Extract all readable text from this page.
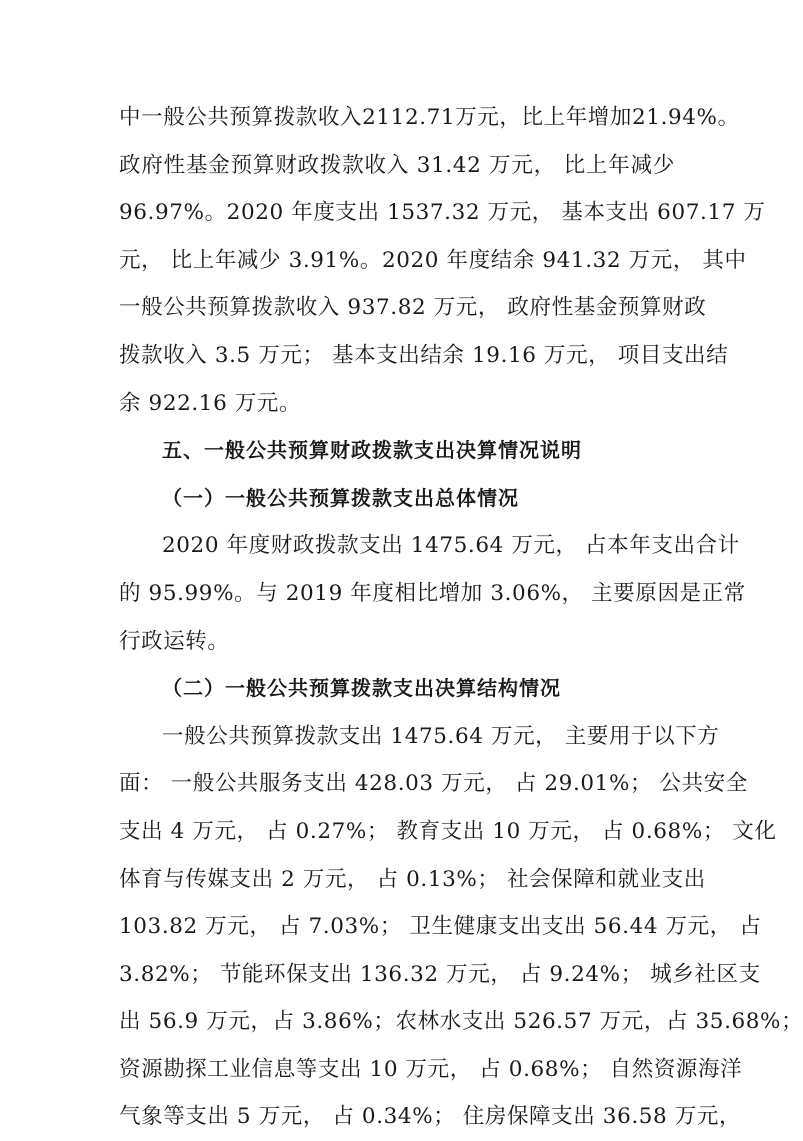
中一般公共预算拨款收入2112.71万元，比上年增加21.94%。
政府性基金预算财政拨款收入 31.42 万元， 比上年减少
96.97%。2020 年度支出 1537.32 万元， 基本支出 607.17 万
元， 比上年减少 3.91%。2020 年度结余 941.32 万元， 其中
一般公共预算拨款收入 937.82 万元， 政府性基金预算财政
拨款收入 3.5 万元； 基本支出结余 19.16 万元， 项目支出结
余 922.16 万元。
五、一般公共预算财政拨款支出决算情况说明
（一）一般公共预算拨款支出总体情况
2020 年度财政拨款支出 1475.64 万元， 占本年支出合计
的 95.99%。与 2019 年度相比增加 3.06%， 主要原因是正常
行政运转。
（二）一般公共预算拨款支出决算结构情况
一般公共预算拨款支出 1475.64 万元， 主要用于以下方
面： 一般公共服务支出 428.03 万元， 占 29.01%； 公共安全
支出 4 万元， 占 0.27%； 教育支出 10 万元， 占 0.68%； 文化
体育与传媒支出 2 万元， 占 0.13%； 社会保障和就业支出
103.82 万元， 占 7.03%； 卫生健康支出支出 56.44 万元， 占
3.82%； 节能环保支出 136.32 万元， 占 9.24%； 城乡社区支
出 56.9 万元，占 3.86%；农林水支出 526.57 万元，占 35.68%；
资源勘探工业信息等支出 10 万元， 占 0.68%； 自然资源海洋
气象等支出 5 万元， 占 0.34%； 住房保障支出 36.58 万元，
